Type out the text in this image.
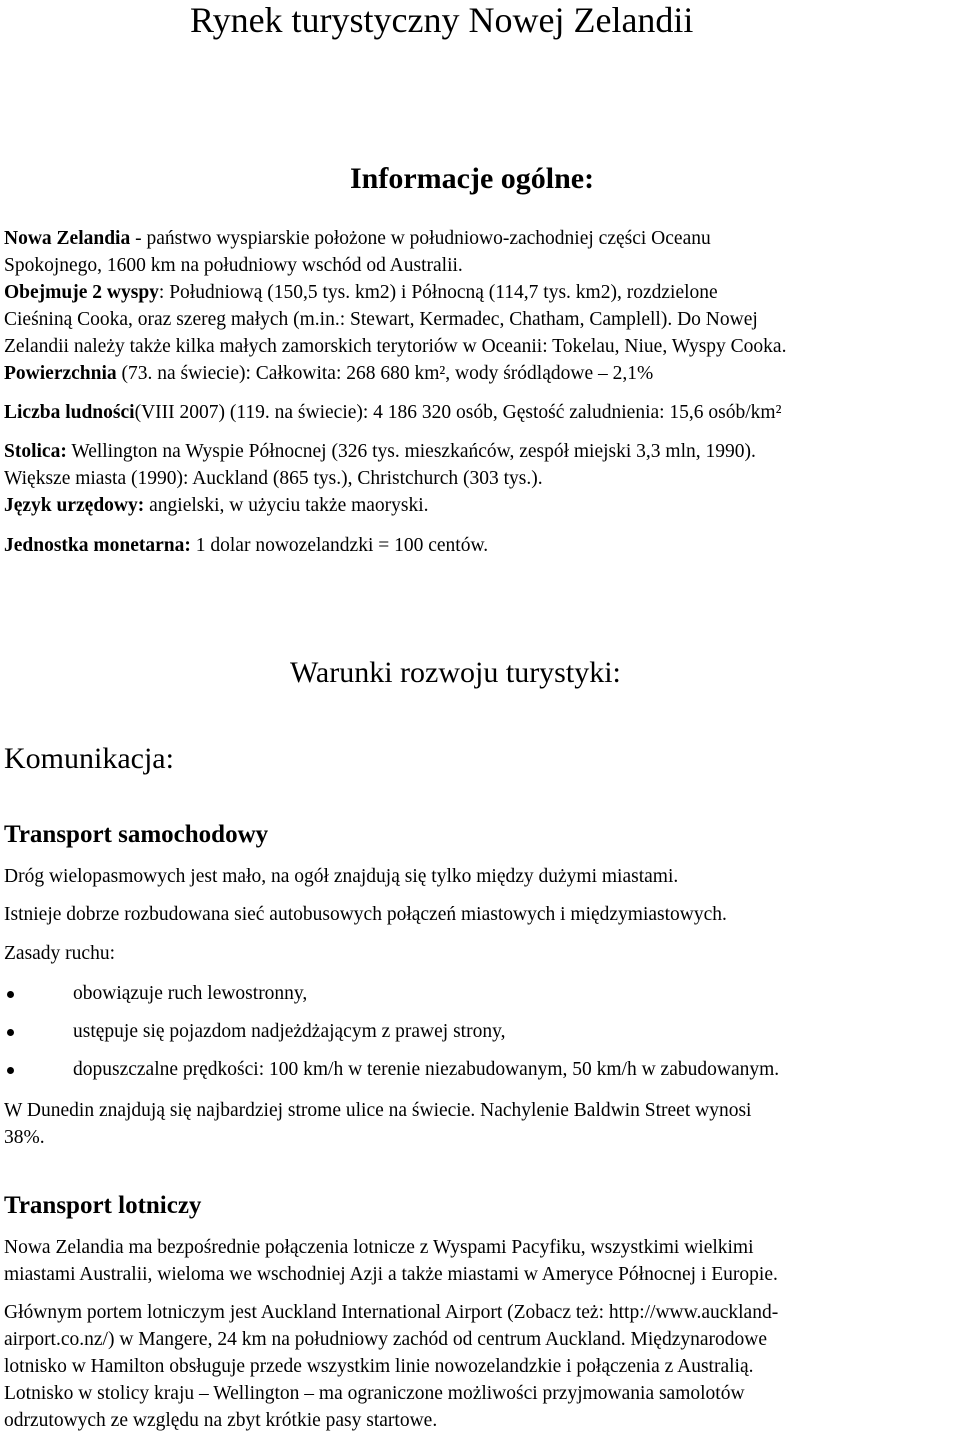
Rynek turystyczny Nowej Zelandii
Informacje ogólne:

Nowa Zelandia - państwo wyspiarskie położone w południowo-zachodniej części Oceanu

Spokojnego, 1600 km na południowy wschód od Australii.

Obejmuje 2 wyspy: Południową (150,5 tys. km2) i Północną (114,7 tys. km2), rozdzielone

Cieśniną Cooka, oraz szereg małych (m.in.: Stewart, Kermadec, Chatham, Camplell). Do Nowej

Zelandii należy także kilka małych zamorskich terytoriów w Oceanii: Tokelau, Niue, Wyspy Cooka.

Powierzchnia (73. na świecie): Całkowita: 268 680 km², wody śródlądowe – 2,1%

Liczba ludności(VIII 2007) (119. na świecie): 4 186 320 osób, Gęstość zaludnienia: 15,6 osób/km²

Stolica: Wellington na Wyspie Północnej (326 tys. mieszkańców, zespół miejski 3,3 mln, 1990).

Większe miasta (1990): Auckland (865 tys.), Christchurch (303 tys.).

Język urzędowy: angielski, w użyciu także maoryski.

Jednostka monetarna: 1 dolar nowozelandzki = 100 centów.

Warunki rozwoju turystyki:
Komunikacja:
Transport samochodowy

Dróg wielopasmowych jest mało, na ogół znajdują się tylko między dużymi miastami.

Istnieje dobrze rozbudowana sieć autobusowych połączeń miastowych i międzymiastowych.

Zasady ruchu:

obowiązuje ruch lewostronny,
ustępuje się pojazdom nadjeżdżającym z prawej strony,
dopuszczalne prędkości: 100 km/h w terenie niezabudowanym, 50 km/h w zabudowanym.

W Dunedin znajdują się najbardziej strome ulice na świecie. Nachylenie Baldwin Street wynosi

38%.

Transport lotniczy

Nowa Zelandia ma bezpośrednie połączenia lotnicze z Wyspami Pacyfiku, wszystkimi wielkimi

miastami Australii, wieloma we wschodniej Azji a także miastami w Ameryce Północnej i Europie.

Głównym portem lotniczym jest Auckland International Airport (Zobacz też: http://www.auckland-

airport.co.nz/) w Mangere, 24 km na południowy zachód od centrum Auckland. Międzynarodowe

lotnisko w Hamilton obsługuje przede wszystkim linie nowozelandzkie i połączenia z Australią.

Lotnisko w stolicy kraju – Wellington – ma ograniczone możliwości przyjmowania samolotów

odrzutowych ze względu na zbyt krótkie pasy startowe.
